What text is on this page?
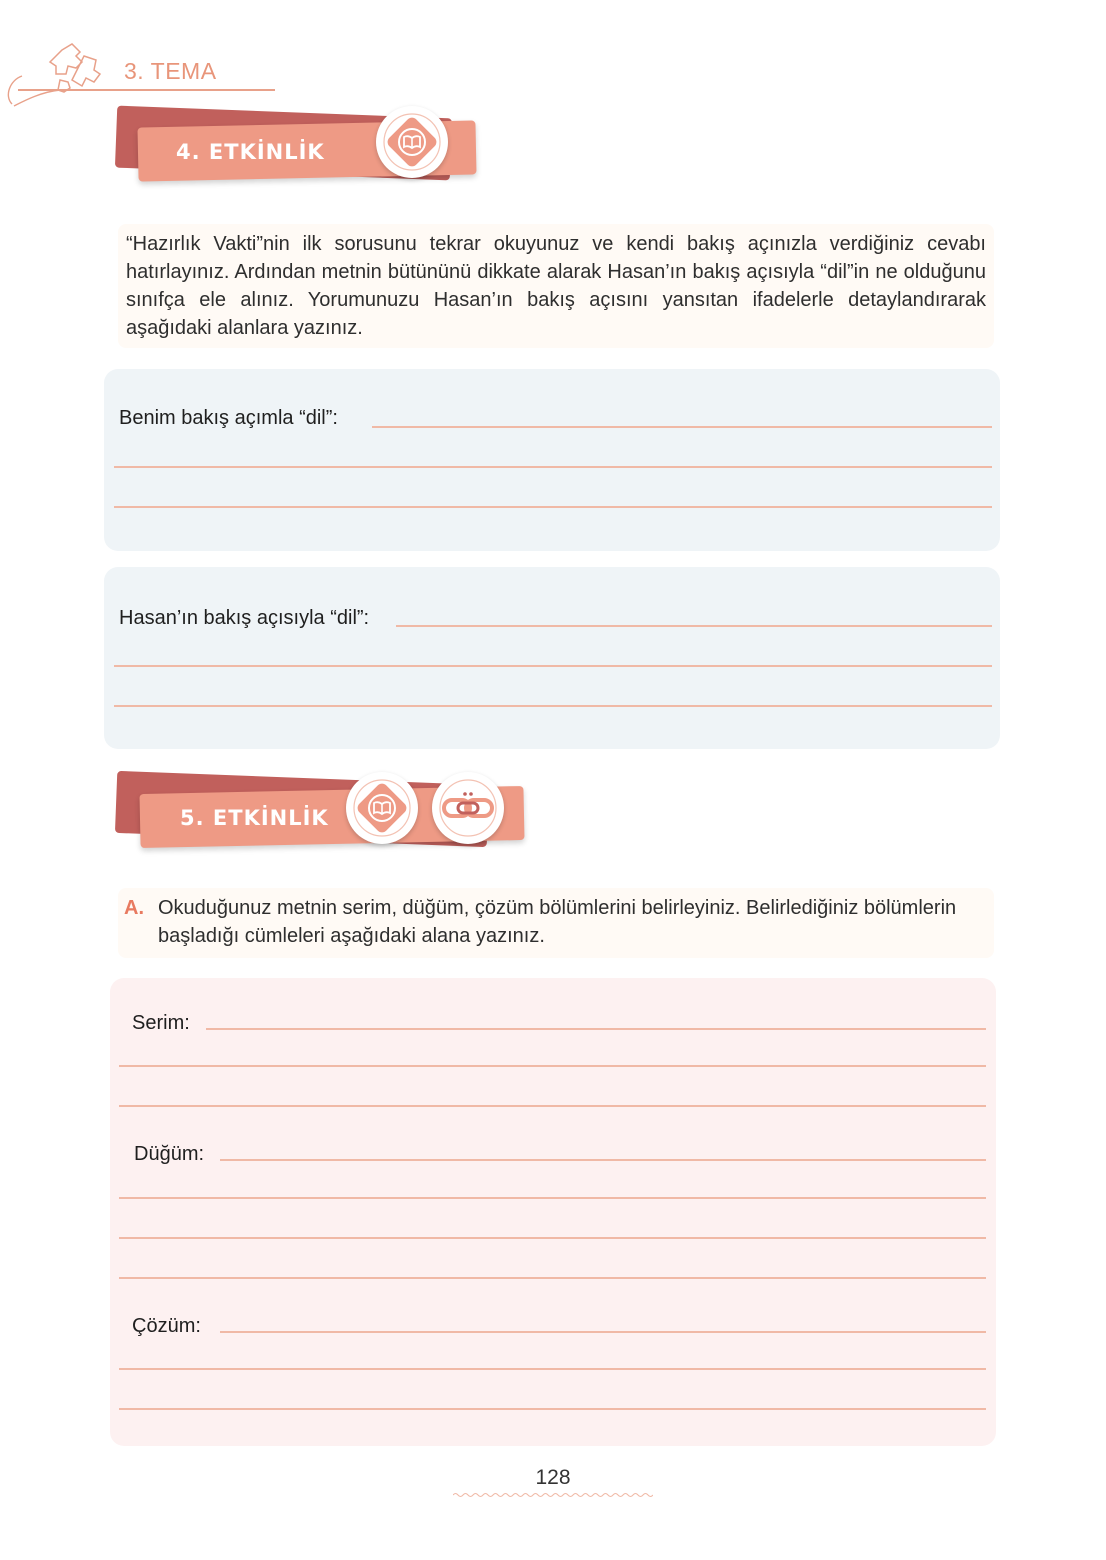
3. TEMA
4. ETKİNLİK
“Hazırlık Vakti”nin ilk sorusunu tekrar okuyunuz ve kendi bakış açınızla verdiğiniz cevabı hatırlayınız. Ardından metnin bütününü dikkate alarak Hasan’ın bakış açısıyla “dil”in ne olduğunu sınıfça ele alınız. Yorumunuzu Hasan’ın bakış açısını yansıtan ifadelerle detaylandırarak aşağıdaki alanlara yazınız.
Benim bakış açımla “dil”:
Hasan’ın bakış açısıyla “dil”:
5. ETKİNLİK
A. Okuduğunuz metnin serim, düğüm, çözüm bölümlerini belirleyiniz. Belirlediğiniz bölümlerin başladığı cümleleri aşağıdaki alana yazınız.
Serim:
Düğüm:
Çözüm:
128
